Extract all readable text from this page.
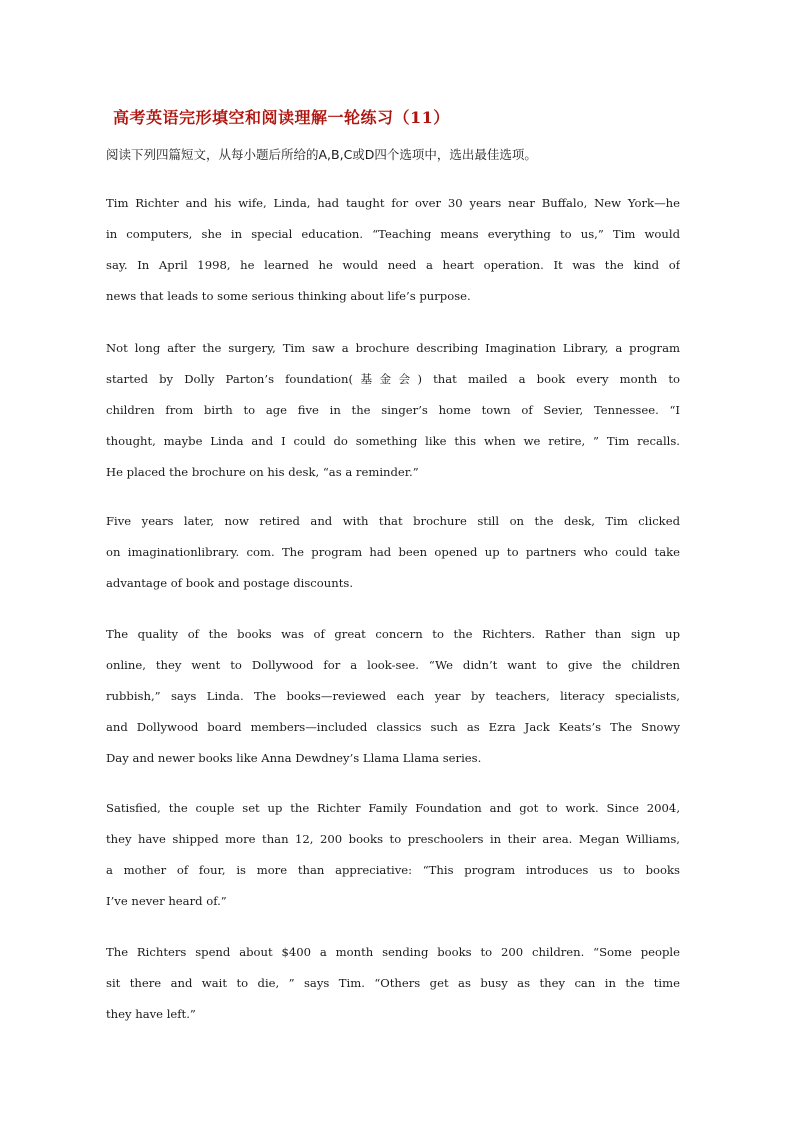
高考英语完形填空和阅读理解一轮练习（11）
阅读下列四篇短文，从每小题后所给的A,B,C或D四个选项中，选出最佳选项。
Tim Richter and his wife, Linda, had taught for over 30 years near Buffalo, New York—he
in computers, she in special education. “Teaching means everything to us,” Tim would
say. In April 1998, he learned he would need a heart operation. It was the kind of
news that leads to some serious thinking about life’s purpose.
Not long after the surgery, Tim saw a brochure describing Imagination Library, a program
started by Dolly Parton’s foundation(基金会) that mailed a book every month to
children from birth to age five in the singer’s home town of Sevier, Tennessee. “I
thought, maybe Linda and I could do something like this when we retire, ” Tim recalls.
He placed the brochure on his desk, “as a reminder.”
Five years later, now retired and with that brochure still on the desk, Tim clicked
on imaginationlibrary. com. The program had been opened up to partners who could take
advantage of book and postage discounts.
The quality of the books was of great concern to the Richters. Rather than sign up
online, they went to Dollywood for a look-see. “We didn’t want to give the children
rubbish,” says Linda. The books—reviewed each year by teachers, literacy specialists,
and Dollywood board members—included classics such as Ezra Jack Keats’s The Snowy
Day and newer books like Anna Dewdney’s Llama Llama series.
Satisfied, the couple set up the Richter Family Foundation and got to work. Since 2004,
they have shipped more than 12, 200 books to preschoolers in their area. Megan Williams,
a mother of four, is more than appreciative: “This program introduces us to books
I’ve never heard of.”
The Richters spend about $400 a month sending books to 200 children. “Some people
sit there and wait to die, ” says Tim. “Others get as busy as they can in the time
they have left.”
